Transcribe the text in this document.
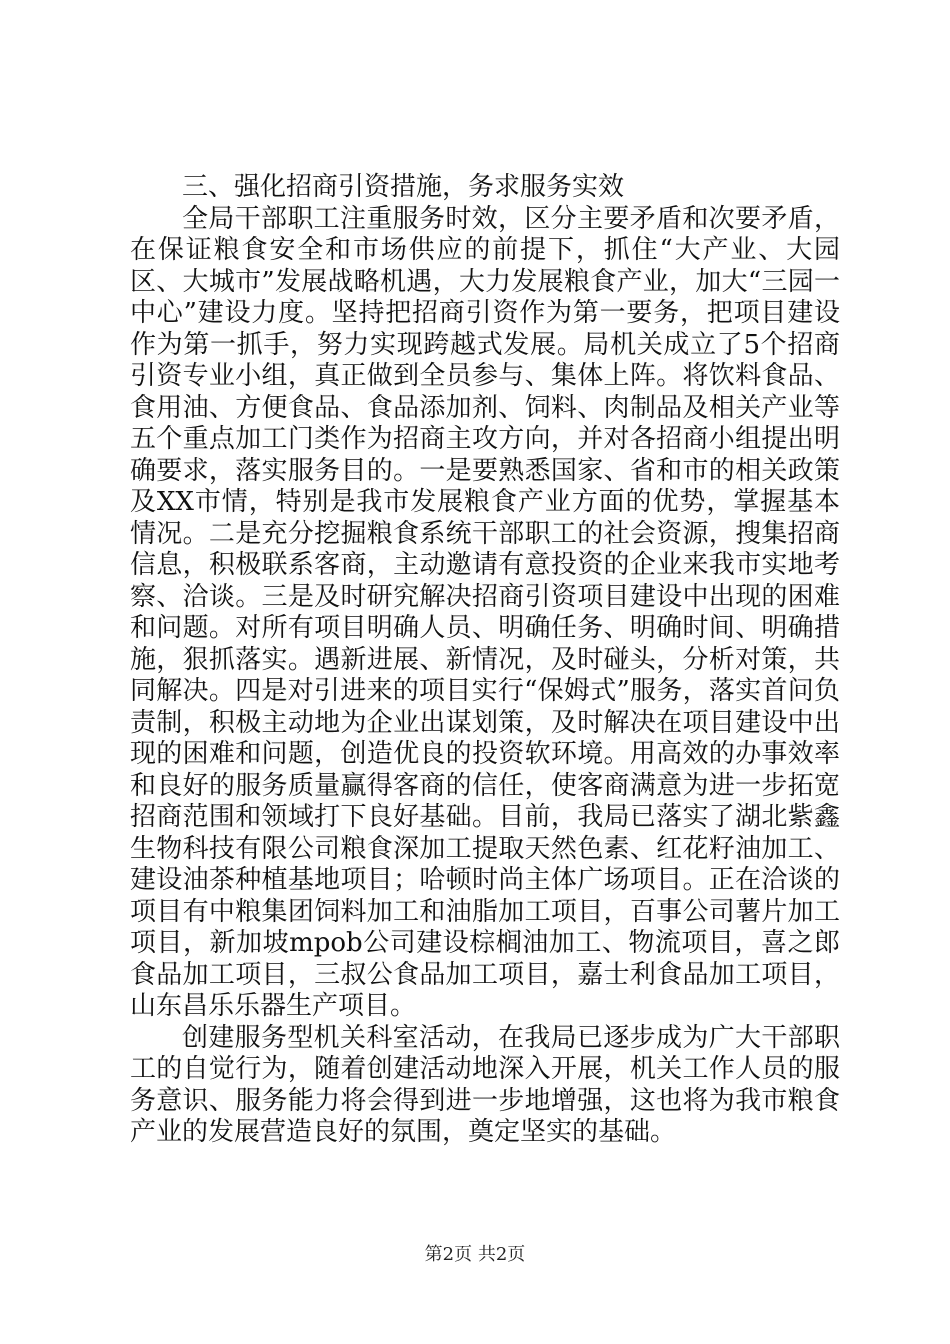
三、强化招商引资措施，务求服务实效

全局干部职工注重服务时效，区分主要矛盾和次要矛盾，在保证粮食安全和市场供应的前提下，抓住“大产业、大园区、大城市”发展战略机遇，大力发展粮食产业，加大“三园一中心”建设力度。坚持把招商引资作为第一要务，把项目建设作为第一抓手，努力实现跨越式发展。局机关成立了5个招商引资专业小组，真正做到全员参与、集体上阵。将饮料食品、食用油、方便食品、食品添加剂、饲料、肉制品及相关产业等五个重点加工门类作为招商主攻方向，并对各招商小组提出明确要求，落实服务目的。一是要熟悉国家、省和市的相关政策及XX市情，特别是我市发展粮食产业方面的优势，掌握基本情况。二是充分挖掘粮食系统干部职工的社会资源，搜集招商信息，积极联系客商，主动邀请有意投资的企业来我市实地考察、洽谈。三是及时研究解决招商引资项目建设中出现的困难和问题。对所有项目明确人员、明确任务、明确时间、明确措施，狠抓落实。遇新进展、新情况，及时碰头，分析对策，共同解决。四是对引进来的项目实行“保姆式”服务，落实首问负责制，积极主动地为企业出谋划策，及时解决在项目建设中出现的困难和问题，创造优良的投资软环境。用高效的办事效率和良好的服务质量赢得客商的信任，使客商满意为进一步拓宽招商范围和领域打下良好基础。目前，我局已落实了湖北紫鑫生物科技有限公司粮食深加工提取天然色素、红花籽油加工、建设油茶种植基地项目；哈顿时尚主体广场项目。正在洽谈的项目有中粮集团饲料加工和油脂加工项目，百事公司薯片加工项目，新加坡mpob公司建设棕榈油加工、物流项目，喜之郎食品加工项目，三叔公食品加工项目，嘉士利食品加工项目，山东昌乐乐器生产项目。

创建服务型机关科室活动，在我局已逐步成为广大干部职工的自觉行为，随着创建活动地深入开展，机关工作人员的服务意识、服务能力将会得到进一步地增强，这也将为我市粮食产业的发展营造良好的氛围，奠定坚实的基础。

第2页 共2页
